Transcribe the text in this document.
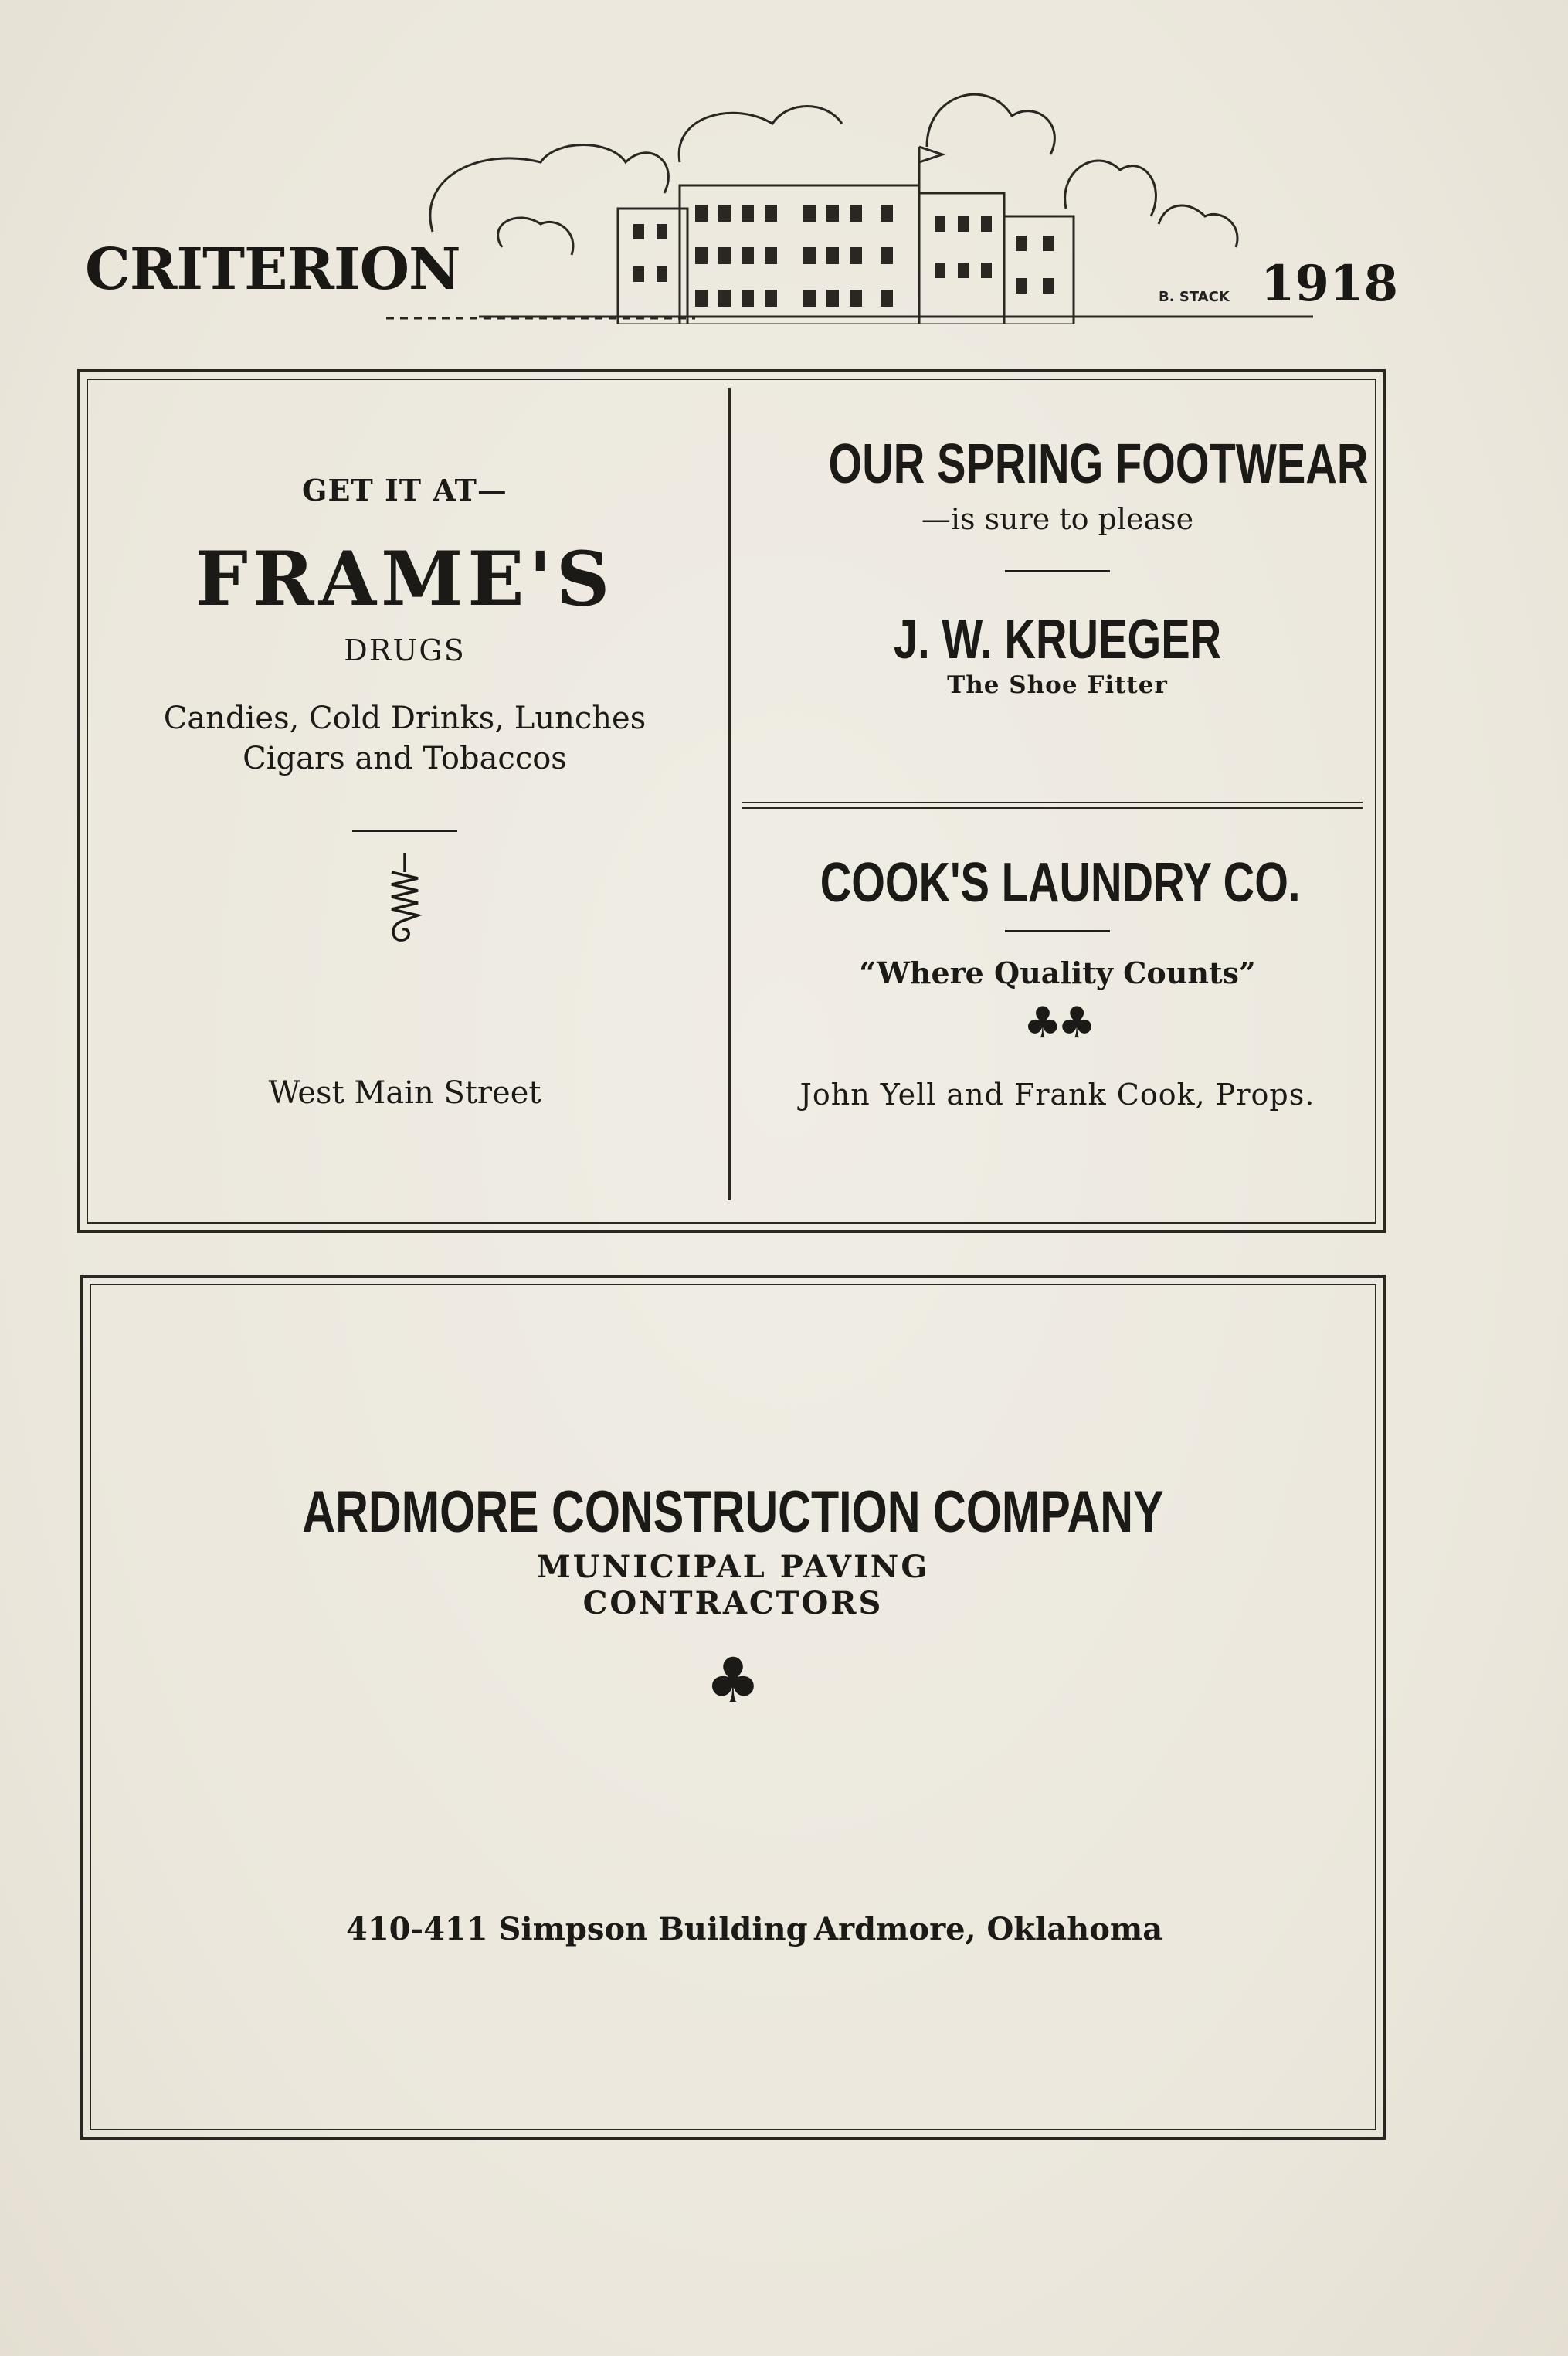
CRITERION	B. STACK 1918
GET IT AT—
FRAME'S
DRUGS
Candies, Cold Drinks, Lunches
Cigars and Tobaccos
West Main Street
OUR SPRING FOOTWEAR
—is sure to please
J. W. KRUEGER
The Shoe Fitter
COOK'S LAUNDRY CO.
“Where Quality Counts”
♣♣
John Yell and Frank Cook, Props.
ARDMORE CONSTRUCTION COMPANY
MUNICIPAL PAVING
CONTRACTORS
♣
410-411 Simpson Building Ardmore, Oklahoma
